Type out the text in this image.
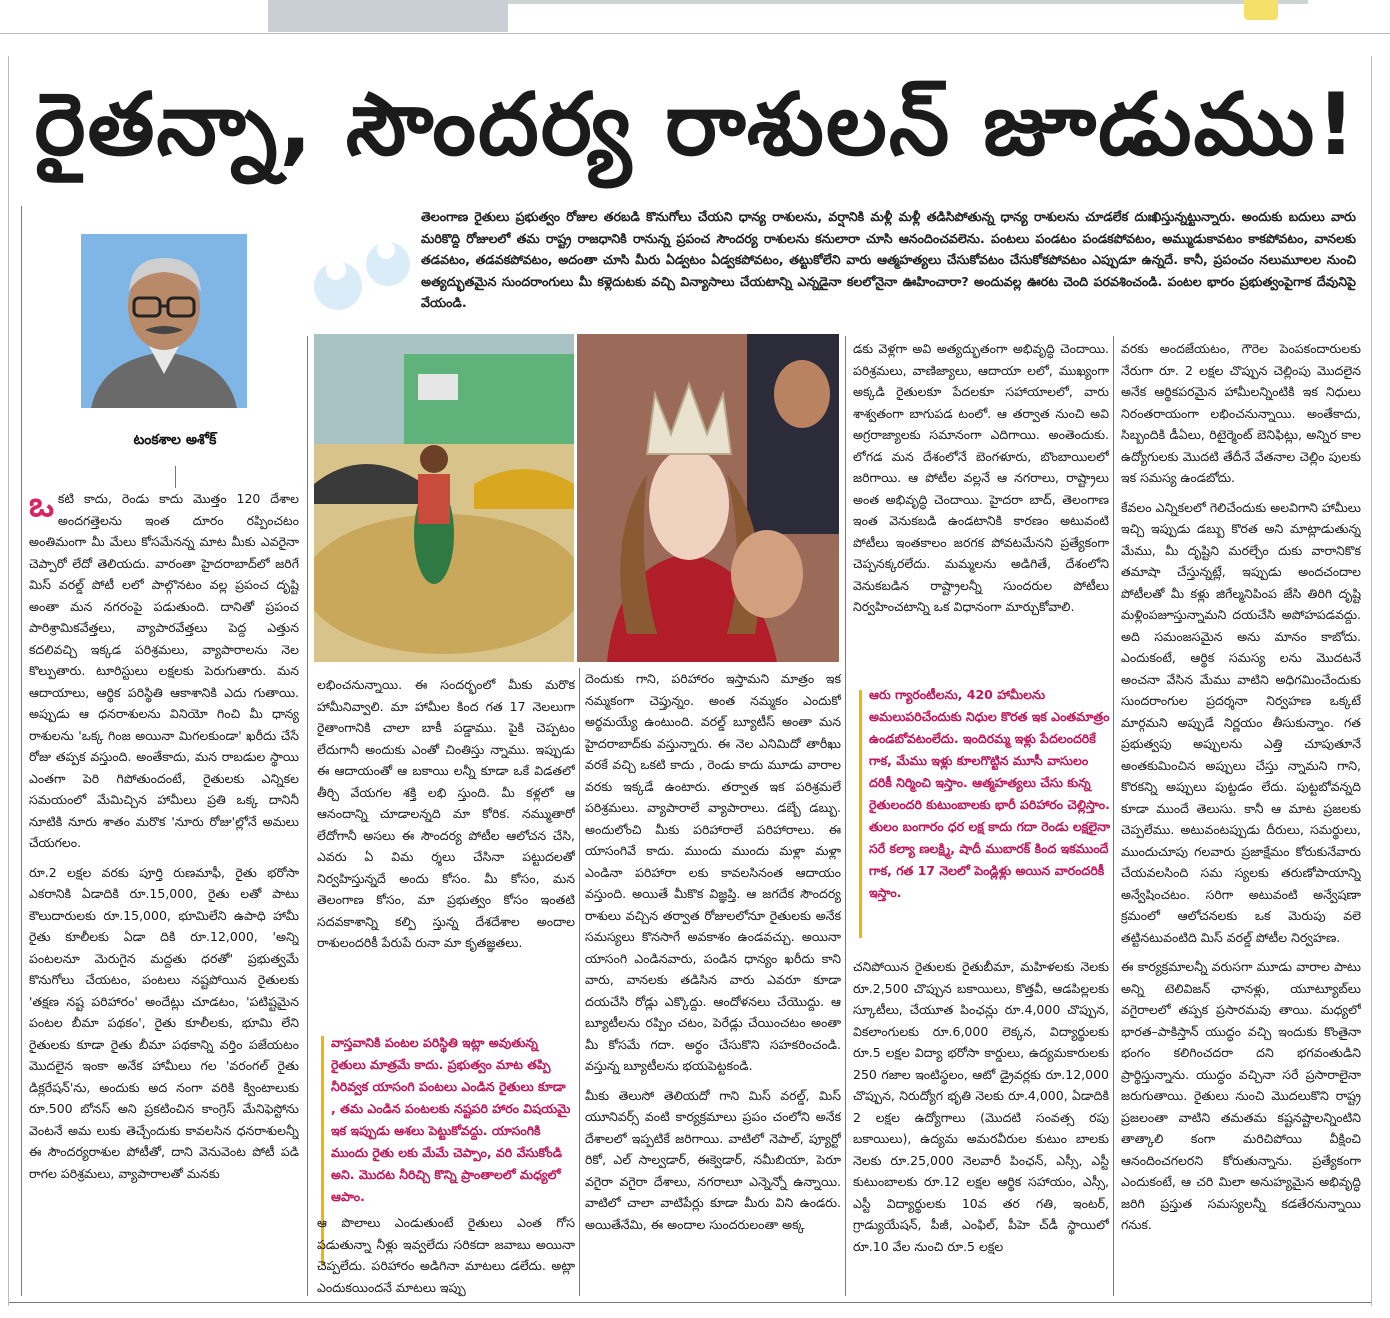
రైతన్నా, సౌందర్య రాశులన్ జూడుము!
టంకశాల అశోక్
తెలంగాణ రైతులు ప్రభుత్వం రోజుల తరబడి కొనుగోలు చేయని ధాన్య రాశులను, వర్షానికి మళ్లీ మళ్లీ తడిసిపోతున్న ధాన్య రాశులను చూడలేక దుఃఖిస్తున్నట్టున్నారు. అందుకు బదులు వారు మరికొద్ది రోజులలో తమ రాష్ట్ర రాజధానికి రానున్న ప్రపంచ సౌందర్య రాశులను కనులారా చూసి ఆనందించవలెను. పంటలు పండటం పండకపోవటం, అమ్ముడుకావటం కాకపోవటం, వానలకు తడవటం, తడవకపోవటం, అదంతా చూసి మీరు ఏడ్వటం ఏడ్వకపోవటం, తట్టుకోలేని వారు ఆత్మహత్యలు చేసుకోవటం చేసుకోకపోవటం ఎప్పుడూ ఉన్నదే. కానీ, ప్రపంచం నలుమూలల నుంచి అత్యద్భుతమైన సుందరాంగులు మీ కళ్లెదుటకు వచ్చి విన్యాసాలు చేయటాన్ని ఎన్నడైనా కలలోనైనా ఊహించారా? అందువల్ల ఊరట చెంది పరవశించండి. పంటల భారం ప్రభుత్వంపైగాక దేవునిపై వేయండి.

ఒకటి కాదు, రెండు కాదు మొత్తం 120 దేశాల అందగత్తెలను ఇంత దూరం రప్పించటం అంతిమంగా మీ మేలు కోసమేనన్న మాట మీకు ఎవరైనా చెప్పారో లేదో తెలియదు. వారంతా హైదరాబాద్‌లో జరిగే మిస్ వరల్డ్ పోటీ లలో పాల్గొనటం వల్ల ప్రపంచ దృష్టి అంతా మన నగరంపై పడుతుంది. దానితో ప్రపంచ పారిశ్రామికవేత్తలు, వ్యాపారవేత్తలు పెద్ద ఎత్తున కదలివచ్చి ఇక్కడ పరిశ్రమలు, వ్యాపారాలను నెల కొల్పుతారు. టూరిస్టులు లక్షలకు పెరుగుతారు. మన ఆదాయాలు, ఆర్థిక పరిస్థితి ఆకాశానికి ఎదు గుతాయి. అప్పుడు ఆ ధనరాశులను వినియో గించి మీ ధాన్య రాశులను 'ఒక్క గింజ అయినా మిగలకుండా' ఖరీదు చేసే రోజు తప్పక వస్తుంది. అంతేకాదు, మన రాబడుల స్థాయి ఎంతగా పెరి గిపోతుందంటే, రైతులకు ఎన్నికల సమయంలో మేమిచ్చిన హామీలు ప్రతి ఒక్క దానినీ నూటికి నూరు శాతం మరొక 'నూరు రోజు'ల్లోనే అమలు చేయగలం.

రూ.2 లక్షల వరకు పూర్తి రుణమాఫీ, రైతు భరోసా ఎకరానికి ఏడాదికి రూ.15,000, రైతు లతో పాటు కౌలుదారులకు రూ.15,000, భూమిలేని ఉపాధి హామీ రైతు కూలీలకు ఏడా దికి రూ.12,000, 'అన్ని పంటలనూ మెరుగైన మద్దతు ధరతో' ప్రభుత్వమే కొనుగోలు చేయటం, పంటలు నష్టపోయిన రైతులకు 'తక్షణ నష్ట పరిహారం' అందేట్లు చూడటం, 'పటిష్టమైన పంటల బీమా పథకం', రైతు కూలీలకు, భూమి లేని రైతులకు కూడా రైతు బీమా పథకాన్ని వర్తిం పజేయటం మొదలైన ఇంకా అనేక హామీలు గల 'వరంగల్ రైతు డిక్లరేషన్'ను, అందుకు అద నంగా వరికి క్వింటాలుకు రూ.500 బోనస్ అని ప్రకటించిన కాంగ్రెస్ మేనిఫెస్టోను వెంటనే అమ లుకు తెచ్చేందుకు కావలసిన ధనరాశులన్నీ ఈ సౌందర్యరాశుల పోటీతో, దాని వెనువెంట పోటీ పడి రాగల పరిశ్రమలు, వ్యాపారాలతో మనకు

లభించనున్నాయి. ఈ సందర్భంలో మీకు మరొక హామీనివ్వాలి. మా హామీల కింద గత 17 నెలలుగా రైతాంగానికి చాలా బాకీ పడ్డాము. పైకి చెప్పటం లేదుగానీ అందుకు ఎంతో చింతిస్తు న్నాము. ఇప్పుడు ఈ ఆదాయంతో ఆ బకాయి లన్నీ కూడా ఒకే విడతలో తీర్చి వేయగల శక్తి లభి స్తుంది. మీ కళ్లలో ఆ ఆనందాన్ని చూడాలన్నది మా కోరిక. నమ్ముతారో లేదోగానీ అసలు ఈ సౌందర్య పోటీల ఆలోచన చేసి, ఎవరు ఏ విమ ర్శలు చేసినా పట్టుదలతో నిర్వహిస్తున్నదే అందు కోసం. మీ కోసం, మన తెలంగాణ కోసం, మా ప్రభుత్వం కోసం ఇంతటి సదవకాశాన్ని కల్పి స్తున్న దేశదేశాల అందాల రాశులందరికీ పేరుపే రునా మా కృతజ్ఞతలు.

వాస్తవానికి పంటల పరిస్థితి ఇట్లా అవుతున్న రైతులు మాత్రమే కాదు. ప్రభుత్వం మాట తప్పి నీరివ్వక యాసంగి పంటలు ఎండిన రైతులు కూడా , తమ ఎండిన పంటలకు నష్టపరి హారం విషయమై ఇక ఇప్పుడు ఆశలు పెట్టుకోవద్దు. యాసంగికి ముందు రైతు లకు మేమే చెప్పాం, వరి వేసుకోండి అని. మొదట నీరిచ్చి కొన్ని ప్రాంతాలలో మధ్యలో ఆపాం.

ఆ పొలాలు ఎండుతుంటే రైతులు ఎంత గోస పడుతున్నా నీళ్లు ఇవ్వలేదు సరికదా జవాబు అయినా చెప్పలేదు. పరిహారం అడిగినా మాటలు డలేదు. అట్లా ఎందుకయిందనే మాటలు ఇప్పు

దెందుకు గాని, పరిహారం ఇస్తామని మాత్రం ఇక నమ్మకంగా చెప్తున్నం. అంత నమ్మకం ఎందుకో అర్థమయ్యే ఉంటుంది. వరల్డ్ బ్యూటీస్ అంతా మన హైదరాబాద్‌కు వస్తున్నారు. ఈ నెల ఎనిమిదో తారీఖు వరకే వచ్చి ఒకటి కాదు , రెండు కాదు మూడు వారాల వరకు ఇక్కడే ఉంటారు. తర్వాత ఇక పరిశ్రమలే పరిశ్రమలు. వ్యాపారాలే వ్యాపారాలు. డబ్బే డబ్బు. అందులోంచి మీకు పరిహారాలే పరిహారాలు. ఈ యాసంగివే కాదు. ముందు ముందు మళ్లా మళ్లా ఎండినా పరిహారా లకు కావలసినంత ఆదాయం వస్తుంది. అయితే మీకొక విజ్ఞప్తి. ఆ జగదేక సౌందర్య రాశులు వచ్చిన తర్వాత రోజులలోనూ రైతులకు అనేక సమస్యలు కొనసాగే అవకాశం ఉండవచ్చు. అయినా యాసంగి ఎండినవారు, పండిన ధాన్యం ఖరీదు కాని వారు, వానలకు తడిసిన వారు ఎవరూ కూడా దయచేసి రోడ్లు ఎక్కొద్దు. ఆందోళనలు చేయొద్దు. ఆ బ్యూటీలను రప్పిం చటం, పెరేడ్లు చేయించటం అంతా మీ కోసమే గదా. అర్థం చేసుకొని సహకరించండి. వస్తున్న బ్యూటీలను భయపెట్టకండి.

మీకు తెలుసో తెలియదో గాని మిస్ వరల్డ్, మిస్ యూనివర్స్ వంటి కార్యక్రమాలు ప్రపం చంలోని అనేక దేశాలలో ఇప్పటికే జరిగాయి. వాటిలో నెపాల్, ప్యూర్టో రికో, ఎల్ సాల్వడార్, ఈక్వెడార్, నమీబియా, పెరూ వగైరా వగైరా దేశాలు, నగరాలూ ఎన్నెన్నో ఉన్నాయి. వాటిలో చాలా వాటిపేర్లు కూడా మీరు విని ఉండరు. అయితేనేమి, ఈ అందాల సుందరులంతా అక్క

డకు వెళ్లగా అవి అత్యద్భుతంగా అభివృద్ధి చెందాయి. పరిశ్రమలు, వాణిజ్యాలు, ఆదాయా లలో, ముఖ్యంగా అక్కడి రైతులకూ పేదలకూ సహాయాలలో, వారు శాశ్వతంగా బాగుపడ టంలో. ఆ తర్వాత నుంచి అవి అగ్రరాజ్యాలకు సమానంగా ఎదిగాయి. అంతెందుకు. లోగడ మన దేశంలోనే బెంగళూరు, బొంబాయిలలో జరిగాయి. ఆ పోటీల వల్లనే ఆ నగరాలు, రాష్ట్రాలు అంత అభివృద్ధి చెందాయి. హైదరా బాద్, తెలంగాణ ఇంత వెనుకబడి ఉండటానికి కారణం అటువంటి పోటీలు ఇంతకాలం జరగక పోవటమేనని ప్రత్యేకంగా చెప్పనక్కరలేదు. మమ్మలను అడిగితే, దేశంలోని వెనుకబడిన రాష్ట్రాలన్నీ సుందరుల పోటీలు నిర్వహించటాన్ని ఒక విధానంగా మార్చుకోవాలి.

ఆరు గ్యారంటీలను, 420 హామీలను అమలుపరిచేందుకు నిధుల కొరత ఇక ఎంతమాత్రం ఉండబోవటంలేదు. ఇందిరమ్మ ఇళ్లు పేదలందరికే గాక, మేము ఇళ్లు కూలగొట్టిన మూసీ వాసులం దరికీ నిర్మించి ఇస్తాం. ఆత్మహత్యలు చేసు కున్న రైతులందరి కుటుంబాలకు భారీ పరిహారం చెల్లిస్తాం. తులం బంగారం ధర లక్ష కాదు గదా రెండు లక్షలైనా సరే కల్యా ణలక్ష్మి, షాదీ ముబారక్ కింద ఇకముందే గాక, గత 17 నెలలో పెండ్లిళ్లు అయిన వారందరికీ ఇస్తాం.

చనిపోయిన రైతులకు రైతుబీమా, మహిళలకు నెలకు రూ.2,500 చొప్పున బకాయిలు, కొత్తవీ, ఆడపిల్లలకు స్కూటీలు, చేయూత పింఛన్లు రూ.4,000 చొప్పున, వికలాంగులకు రూ.6,000 లెక్కన, విద్యార్థులకు రూ.5 లక్షల విద్యా భరోసా కార్డులు, ఉద్యమకారులకు 250 గజాల ఇంటిస్థలం, ఆటో డ్రైవర్లకు రూ.12,000 చొప్పున, నిరుద్యోగ భృతి నెలకు రూ.4,000, ఏడాదికి 2 లక్షల ఉద్యోగాలు (మొదటి సంవత్స రపు బకాయిలు), ఉద్యమ అమరవీరుల కుటుం బాలకు నెలకు రూ.25,000 నెలవారీ పింఛన్, ఎస్సీ, ఎస్టీ కుటుంబాలకు రూ.12 లక్షల ఆర్థిక సహాయం, ఎస్సీ, ఎస్టీ విద్యార్థులకు 10వ తర గతి, ఇంటర్, గ్రాడ్యుయేషన్, పీజీ, ఎంఫిల్, పీహె చ్‌డీ స్థాయిలో రూ.10 వేల నుంచి రూ.5 లక్షల

వరకు అందజేయటం, గౌరెల పెంపకందారులకు నేరుగా రూ. 2 లక్షల చొప్పున చెల్లింపు మొదలైన అనేక ఆర్థికపరమైన హామీలన్నింటికి ఇక నిధులు నిరంతరాయంగా లభించనున్నాయి. అంతేకాదు, సిబ్బందికి డీఏలు, రిటైర్మెంట్ బెనిఫిట్లు, అన్నిర కాల ఉద్యోగులకు మొదటి తేదీనే వేతనాల చెల్లిం పులకు ఇక సమస్య ఉండబోదు.

కేవలం ఎన్నికలలో గెలిచేందుకు అలవిగాని హామీలు ఇచ్చి ఇప్పుడు డబ్బు కొరత అని మాట్లాడుతున్న మేము, మీ దృష్టిని మరల్చేం దుకు వారానికొక తమాషా చేస్తున్నట్లే, ఇప్పుడు అందచందాల పోటీలతో మీ కళ్లు జిగేల్మనిపింప జేసి తిరిగి దృష్టి మళ్లింపజూస్తున్నామని దయచేసి అపోహపడవద్దు. అది సమంజసమైన అను మానం కాబోదు. ఎందుకంటే, ఆర్థిక సమస్య లను మొదటనే అంచనా వేసిన మేము వాటిని అధిగమించేందుకు సుందరాంగుల ప్రదర్శనా నిర్వహణ ఒక్కటే మార్గమని అప్పుడే నిర్ణయం తీసుకున్నాం. గత ప్రభుత్వపు అప్పులను ఎత్తి చూపుతూనే అంతకుమించిన అప్పులు చేస్తు న్నామని గాని, కొరకన్ని అప్పులు పుట్టడం లేదు. పుట్టబోవన్నది కూడా ముందే తెలుసు. కానీ ఆ మాట ప్రజలకు చెప్పలేము. అటువంటప్పుడు దీరులు, సమర్థులు, ముందుచూపు గలవారు ప్రజాక్షేమం కోరుకునేవారు చేయవలసింది సమ స్యలకు తరుణోపాయాన్ని అన్వేషించటం. సరిగా అటువంటి అన్వేషణా క్రమంలో ఆలోచనలకు ఒక మెరుపు వలె తట్టినటువంటిది మిస్ వరల్డ్ పోటీల నిర్వహణ.

ఈ కార్యక్రమాలన్నీ వరుసగా మూడు వారాల పాటు అన్ని టెలివిజన్ ఛానళ్లు, యూట్యూబ్‌లు వగైరాలలో తప్పక ప్రసారమవు తాయి. మధ్యలో భారత–పాకిస్తాన్ యుద్ధం వచ్చి ఇందుకు కొంతైనా భంగం కలిగించదరా దని భగవంతుడిని ప్రార్థిస్తున్నాను. యుద్ధం వచ్చినా సరే ప్రసారాలైనా జరుగుతాయి. రైతులు నుంచి మొదలుకొని రాష్ట్ర ప్రజలంతా వాటిని తమతమ కష్టనష్టాలన్నింటిని తాత్కాలి కంగా మరిచిపోయి వీక్షించి ఆనందించగలరని కోరుతున్నాను. ప్రత్యేకంగా ఎందుకంటే, ఆ చరి మిలా అనుహ్యమైన అభివృద్ధి జరిగి ప్రస్తుత సమస్యలన్నీ కడతేరనున్నాయి గనుక.
